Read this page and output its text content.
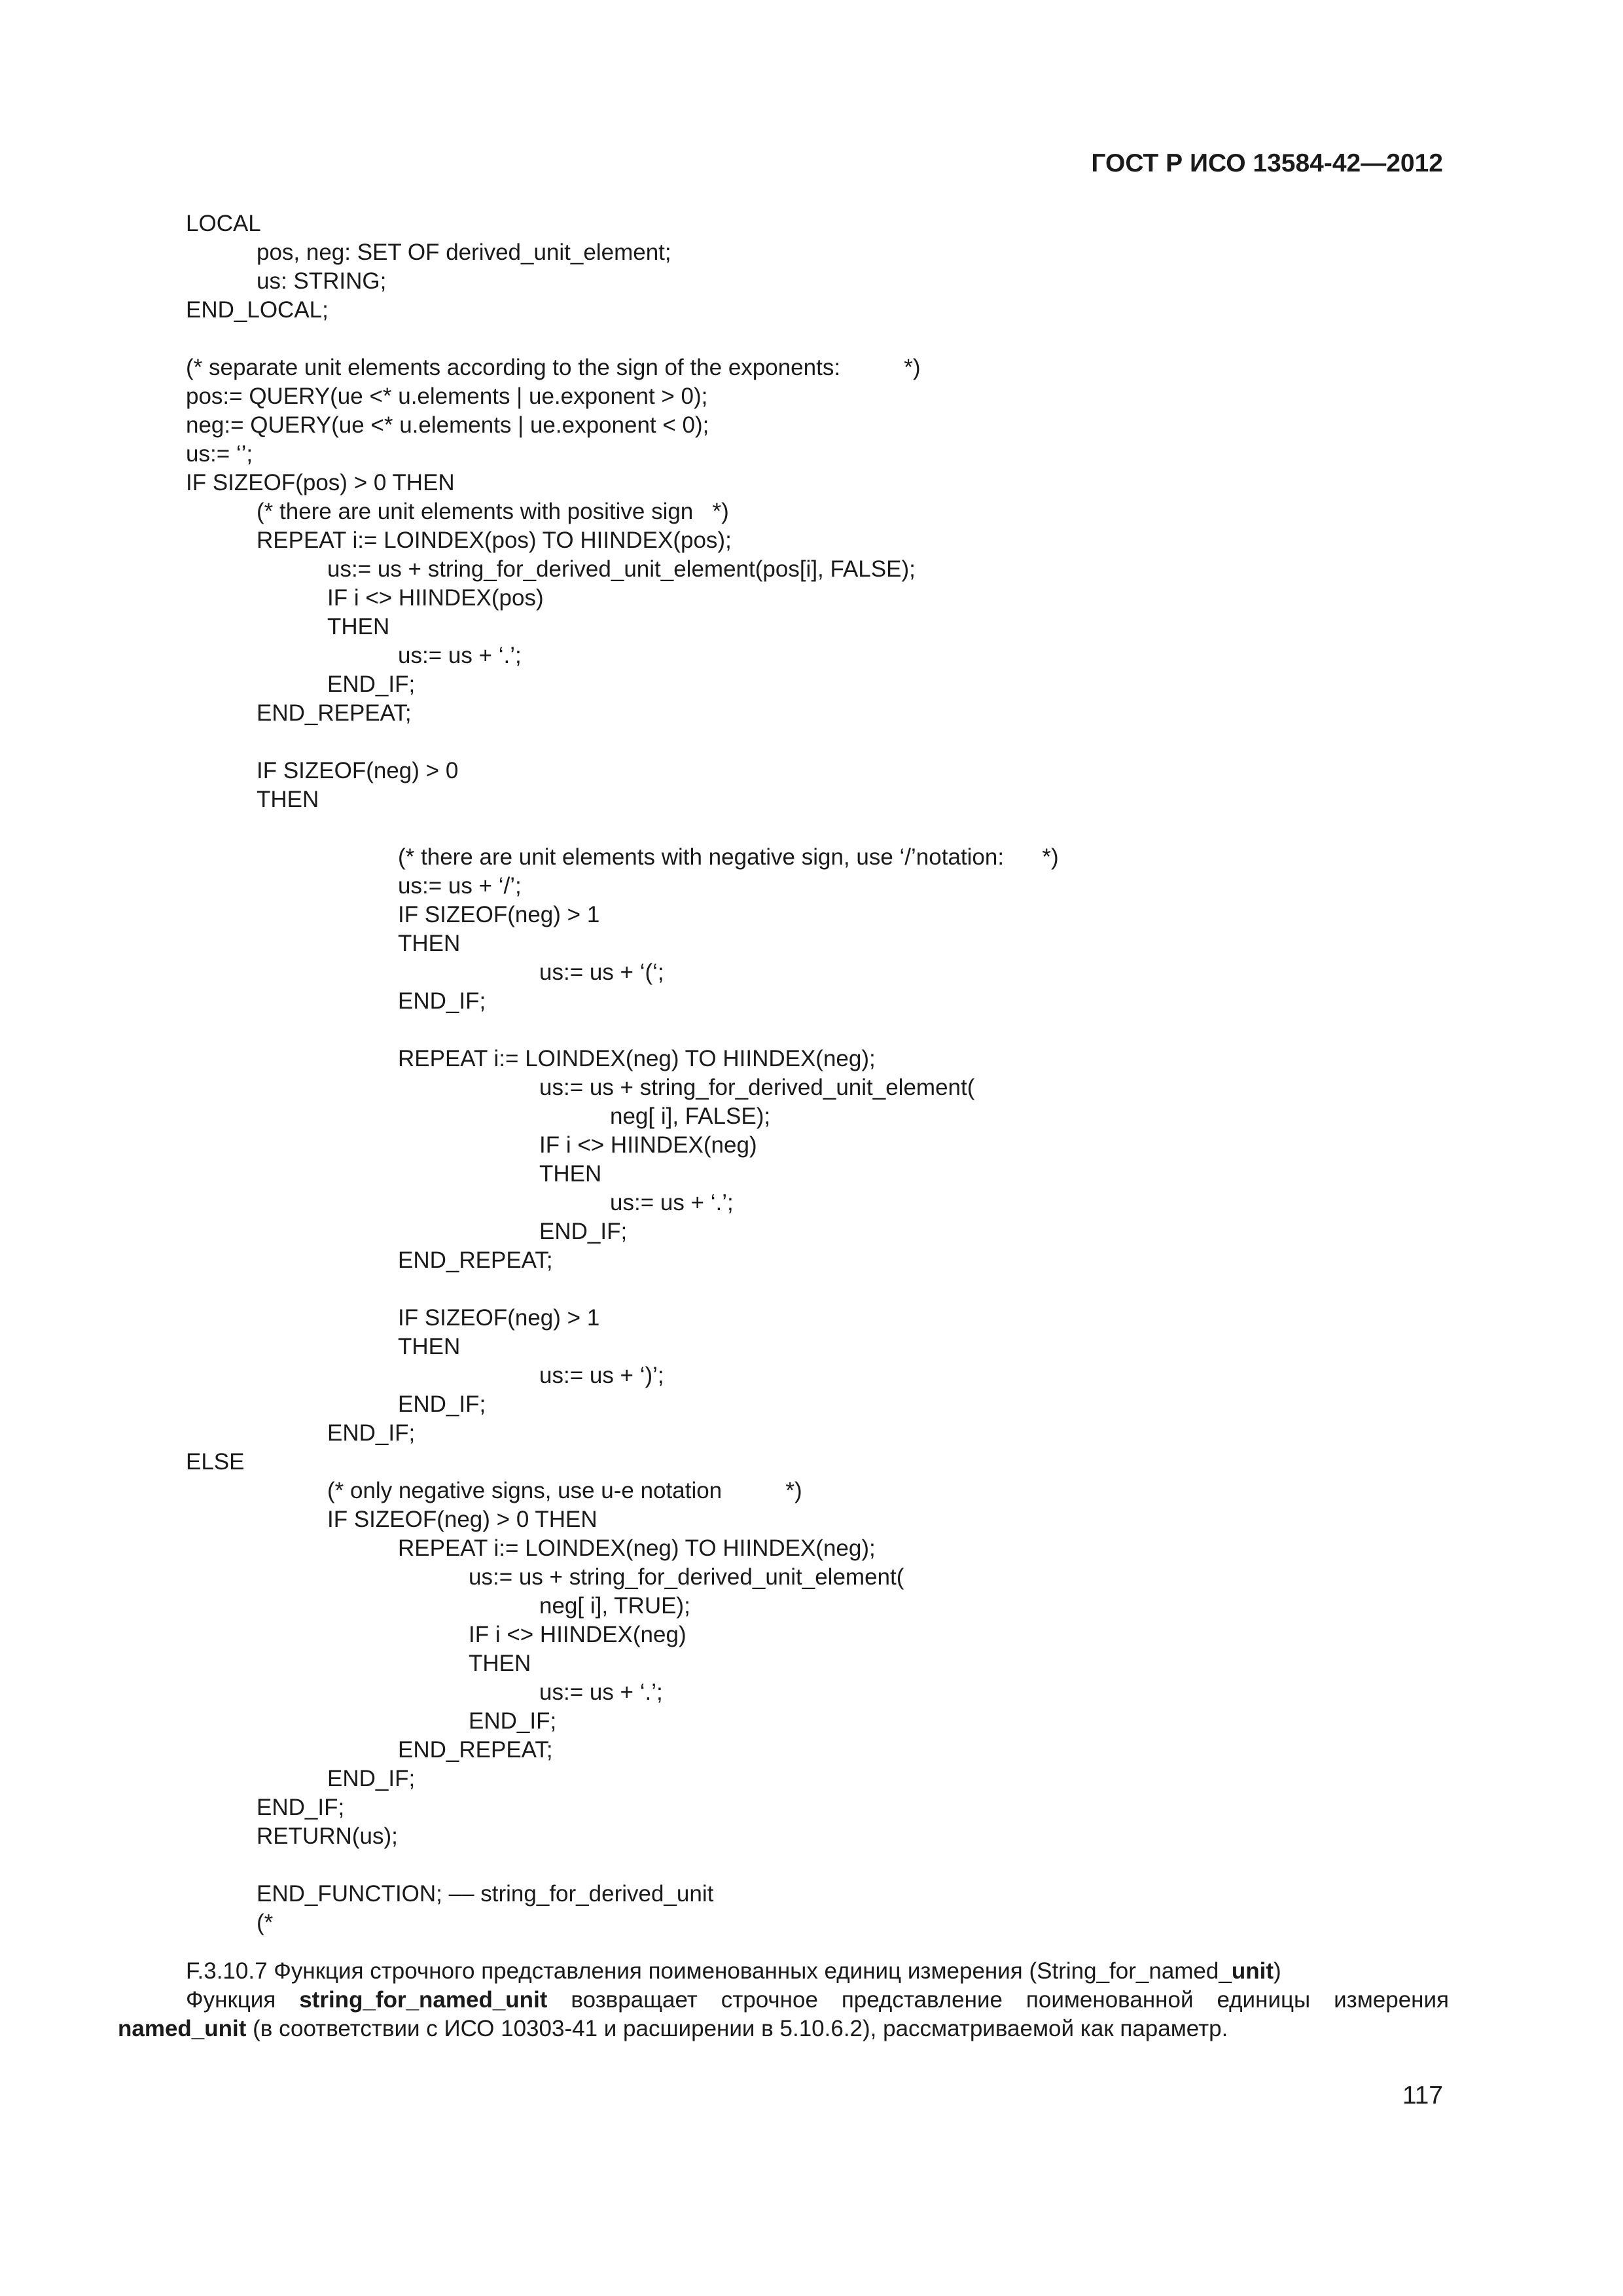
ГОСТ Р ИСО 13584-42—2012
LOCAL
pos, neg: SET OF derived_unit_element;
us: STRING;
END_LOCAL;
(* separate unit elements according to the sign of the exponents:          *)
pos:= QUERY(ue <* u.elements | ue.exponent > 0);
neg:= QUERY(ue <* u.elements | ue.exponent < 0);
us:= ‘’;
IF SIZEOF(pos) > 0 THEN
(* there are unit elements with positive sign   *)
REPEAT i:= LOINDEX(pos) TO HIINDEX(pos);
us:= us + string_for_derived_unit_element(pos[i], FALSE);
IF i <> HIINDEX(pos)
THEN
us:= us + ‘.’;
END_IF;
END_REPEAT;
IF SIZEOF(neg) > 0
THEN
(* there are unit elements with negative sign, use ‘/’notation:      *)
us:= us + ‘/’;
IF SIZEOF(neg) > 1
THEN
us:= us + ‘(‘;
END_IF;
REPEAT i:= LOINDEX(neg) TO HIINDEX(neg);
us:= us + string_for_derived_unit_element(
neg[ i], FALSE);
IF i <> HIINDEX(neg)
THEN
us:= us + ‘.’;
END_IF;
END_REPEAT;
IF SIZEOF(neg) > 1
THEN
us:= us + ‘)’;
END_IF;
END_IF;
ELSE
(* only negative signs, use u-e notation          *)
IF SIZEOF(neg) > 0 THEN
REPEAT i:= LOINDEX(neg) TO HIINDEX(neg);
us:= us + string_for_derived_unit_element(
neg[ i], TRUE);
IF i <> HIINDEX(neg)
THEN
us:= us + ‘.’;
END_IF;
END_REPEAT;
END_IF;
END_IF;
RETURN(us);
END_FUNCTION; –– string_for_derived_unit
(*
F.3.10.7 Функция строчного представления поименованных единиц измерения (String_for_named_unit)
Функция string_for_named_unit возвращает строчное представление поименованной единицы измерения
named_unit (в соответствии с ИСО 10303-41 и расширении в 5.10.6.2), рассматриваемой как параметр.
117
